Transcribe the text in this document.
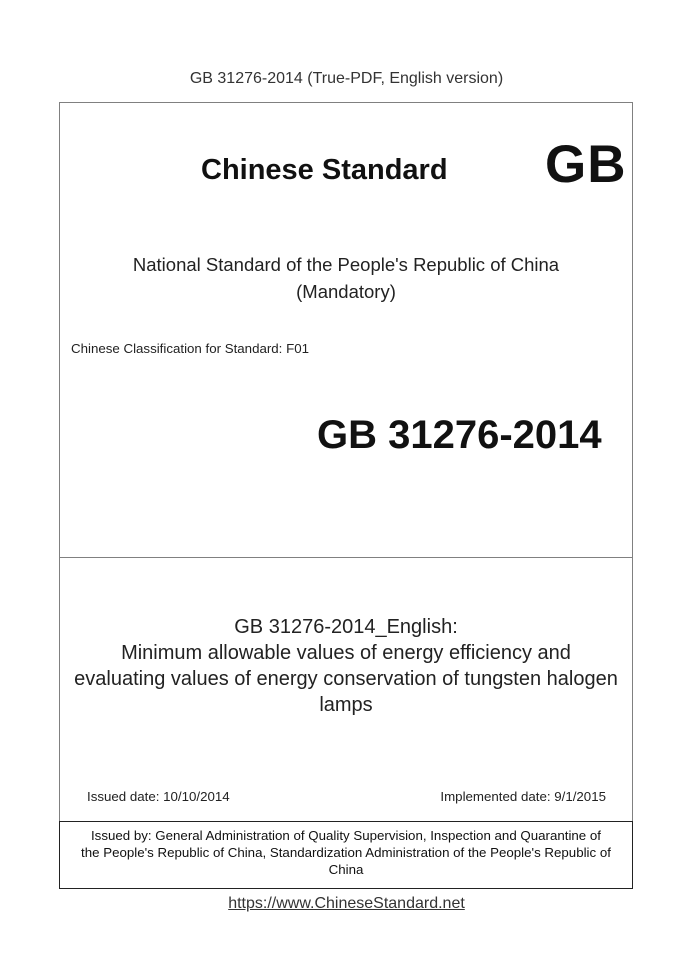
GB 31276-2014 (True-PDF, English version)
Chinese Standard GB
National Standard of the People's Republic of China
(Mandatory)
Chinese Classification for Standard: F01
GB 31276-2014
GB 31276-2014_English:
Minimum allowable values of energy efficiency and
evaluating values of energy conservation of tungsten halogen
lamps
Issued date: 10/10/2014	Implemented date: 9/1/2015
Issued by: General Administration of Quality Supervision, Inspection and Quarantine of
the People's Republic of China, Standardization Administration of the People's Republic of
China
https://www.ChineseStandard.net
